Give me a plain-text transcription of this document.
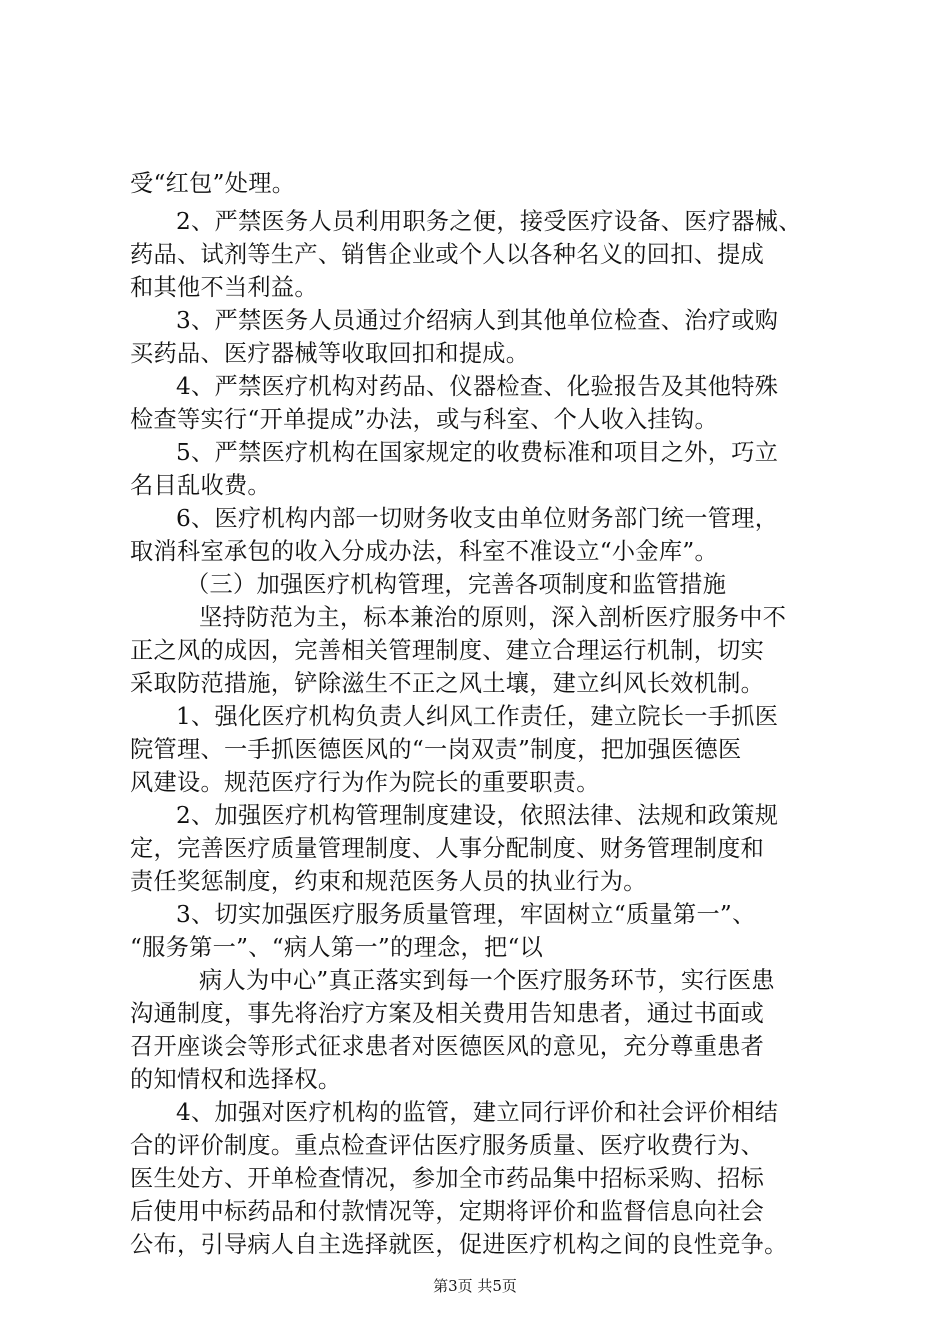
受“红包”处理。
2、严禁医务人员利用职务之便，接受医疗设备、医疗器械、
药品、试剂等生产、销售企业或个人以各种名义的回扣、提成
和其他不当利益。
3、严禁医务人员通过介绍病人到其他单位检查、治疗或购
买药品、医疗器械等收取回扣和提成。
4、严禁医疗机构对药品、仪器检查、化验报告及其他特殊
检查等实行“开单提成”办法，或与科室、个人收入挂钩。
5、严禁医疗机构在国家规定的收费标准和项目之外，巧立
名目乱收费。
6、医疗机构内部一切财务收支由单位财务部门统一管理，
取消科室承包的收入分成办法，科室不准设立“小金库”。
（三）加强医疗机构管理，完善各项制度和监管措施
坚持防范为主，标本兼治的原则，深入剖析医疗服务中不
正之风的成因，完善相关管理制度、建立合理运行机制，切实
采取防范措施，铲除滋生不正之风土壤，建立纠风长效机制。
1、强化医疗机构负责人纠风工作责任，建立院长一手抓医
院管理、一手抓医德医风的“一岗双责”制度，把加强医德医
风建设。规范医疗行为作为院长的重要职责。
2、加强医疗机构管理制度建设，依照法律、法规和政策规
定，完善医疗质量管理制度、人事分配制度、财务管理制度和
责任奖惩制度，约束和规范医务人员的执业行为。
3、切实加强医疗服务质量管理，牢固树立“质量第一”、
“服务第一”、“病人第一”的理念，把“以
病人为中心”真正落实到每一个医疗服务环节，实行医患
沟通制度，事先将治疗方案及相关费用告知患者，通过书面或
召开座谈会等形式征求患者对医德医风的意见，充分尊重患者
的知情权和选择权。
4、加强对医疗机构的监管，建立同行评价和社会评价相结
合的评价制度。重点检查评估医疗服务质量、医疗收费行为、
医生处方、开单检查情况，参加全市药品集中招标采购、招标
后使用中标药品和付款情况等，定期将评价和监督信息向社会
公布，引导病人自主选择就医，促进医疗机构之间的良性竞争。
第3页 共5页
